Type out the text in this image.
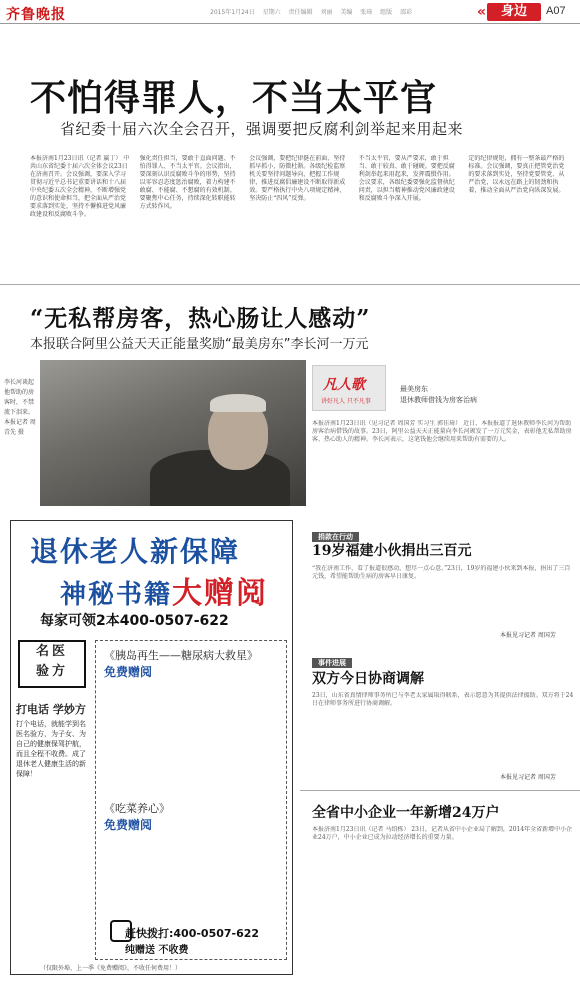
齐鲁晚报	2015年1月24日 星期六 责任编辑 刘丽 美编 张琦 组版 邵彩
«	身边	A07
不怕得罪人，不当太平官
省纪委十届六次全会召开，强调要把反腐利剑举起来用起来
本报济南1月23日讯（记者 赢丁） 中共山东省纪委十届六次全体会议23日在济南召开。会议强调，要深入学习贯彻习近平总书记重要讲话和十八届中央纪委五次全会精神，不断增强党的意识和使命担当，把全面从严治党要求落到实处，坚持不懈推进党风廉政建设和反腐败斗争。
强化责任担当，要敢于直面问题、不怕得罪人、不当太平官。会议指出，要深刻认识反腐败斗争的形势，坚持以零容忍态度惩治腐败，着力构建不敢腐、不能腐、不想腐的有效机制。要聚焦中心任务，持续深化转职能转方式转作风。
会议强调，要把纪律挺在前面，坚持抓早抓小，防微杜渐。各级纪检监察机关要坚持问题导向，把握工作规律，推进反腐倡廉建设不断取得新成效。要严格执行中央八项规定精神，坚决防止“四风”反弹。
不当太平官，要从严要求，敢于担当、敢于较真、敢于碰硬。要把反腐利剑举起来用起来，发挥震慑作用。会议要求，各级纪委要强化监督执纪问责，以担当精神推动党风廉政建设和反腐败斗争深入开展。
定的纪律规矩，拥有一整条最严格的标准。会议强调，要真正把管党治党的要求落到实处，坚持党要管党、从严治党，以永远在路上的韧劲和执着，推动全面从严治党向纵深发展。
“无私帮房客，热心肠让人感动”
本报联合阿里公益天天正能量奖励“最美房东”李长河一万元
李长河谈起他帮助的房客时，不禁流下泪来。本报记者 周青先 摄
凡人歌
讲好凡人 只不凡事
最美房东
退休教师借钱为房客治病
本报济南1月23日讯（见习记者 周国芳 实习生 郭佳琦） 近日，本报报道了退休教师李长河为帮助房客治病借钱的故事。23日，阿里公益天天正能量向李长河颁发了一万元奖金，表彰他无私帮助房客、热心助人的精神。李长河表示，这笔钱他会继续用来帮助有需要的人。
捐款在行动
19岁福建小伙捐出三百元
“我在济南工作，看了报道很感动，想尽一点心意。”23日，19岁的福建小伙来到本报，捐出了三百元钱，希望能帮助生病的房客早日康复。
本报见习记者 周国芳
事件进展
双方今日协商调解
23日，山东省真情律师事务所已与李老太家属取得联系，表示愿意为其提供法律援助。双方将于24日在律师事务所进行协商调解。
本报见习记者 周国芳
全省中小企业一年新增24万户
本报济南1月23日讯（记者 马绍栋） 23日，记者从省中小企业局了解到，2014年全省新增中小企业24万户，中小企业已成为拉动经济增长的重要力量。
退休老人新保障
神秘书籍大赠阅
每家可领2本400-0507-622
名医
验方
打电话 学妙方
打个电话，就能学到名医名验方，为子女、为自己的健康保驾护航，而且全程不收费。成了退休老人健康生活的新保障！
《胰岛再生——糖尿病大救星》
免费赠阅
《吃菜养心》
免费赠阅
赶快拨打:400-0507-622
纯赠送 不收费
（仅限外埠，上一季《免费赠阅》，不收任何费用！）
